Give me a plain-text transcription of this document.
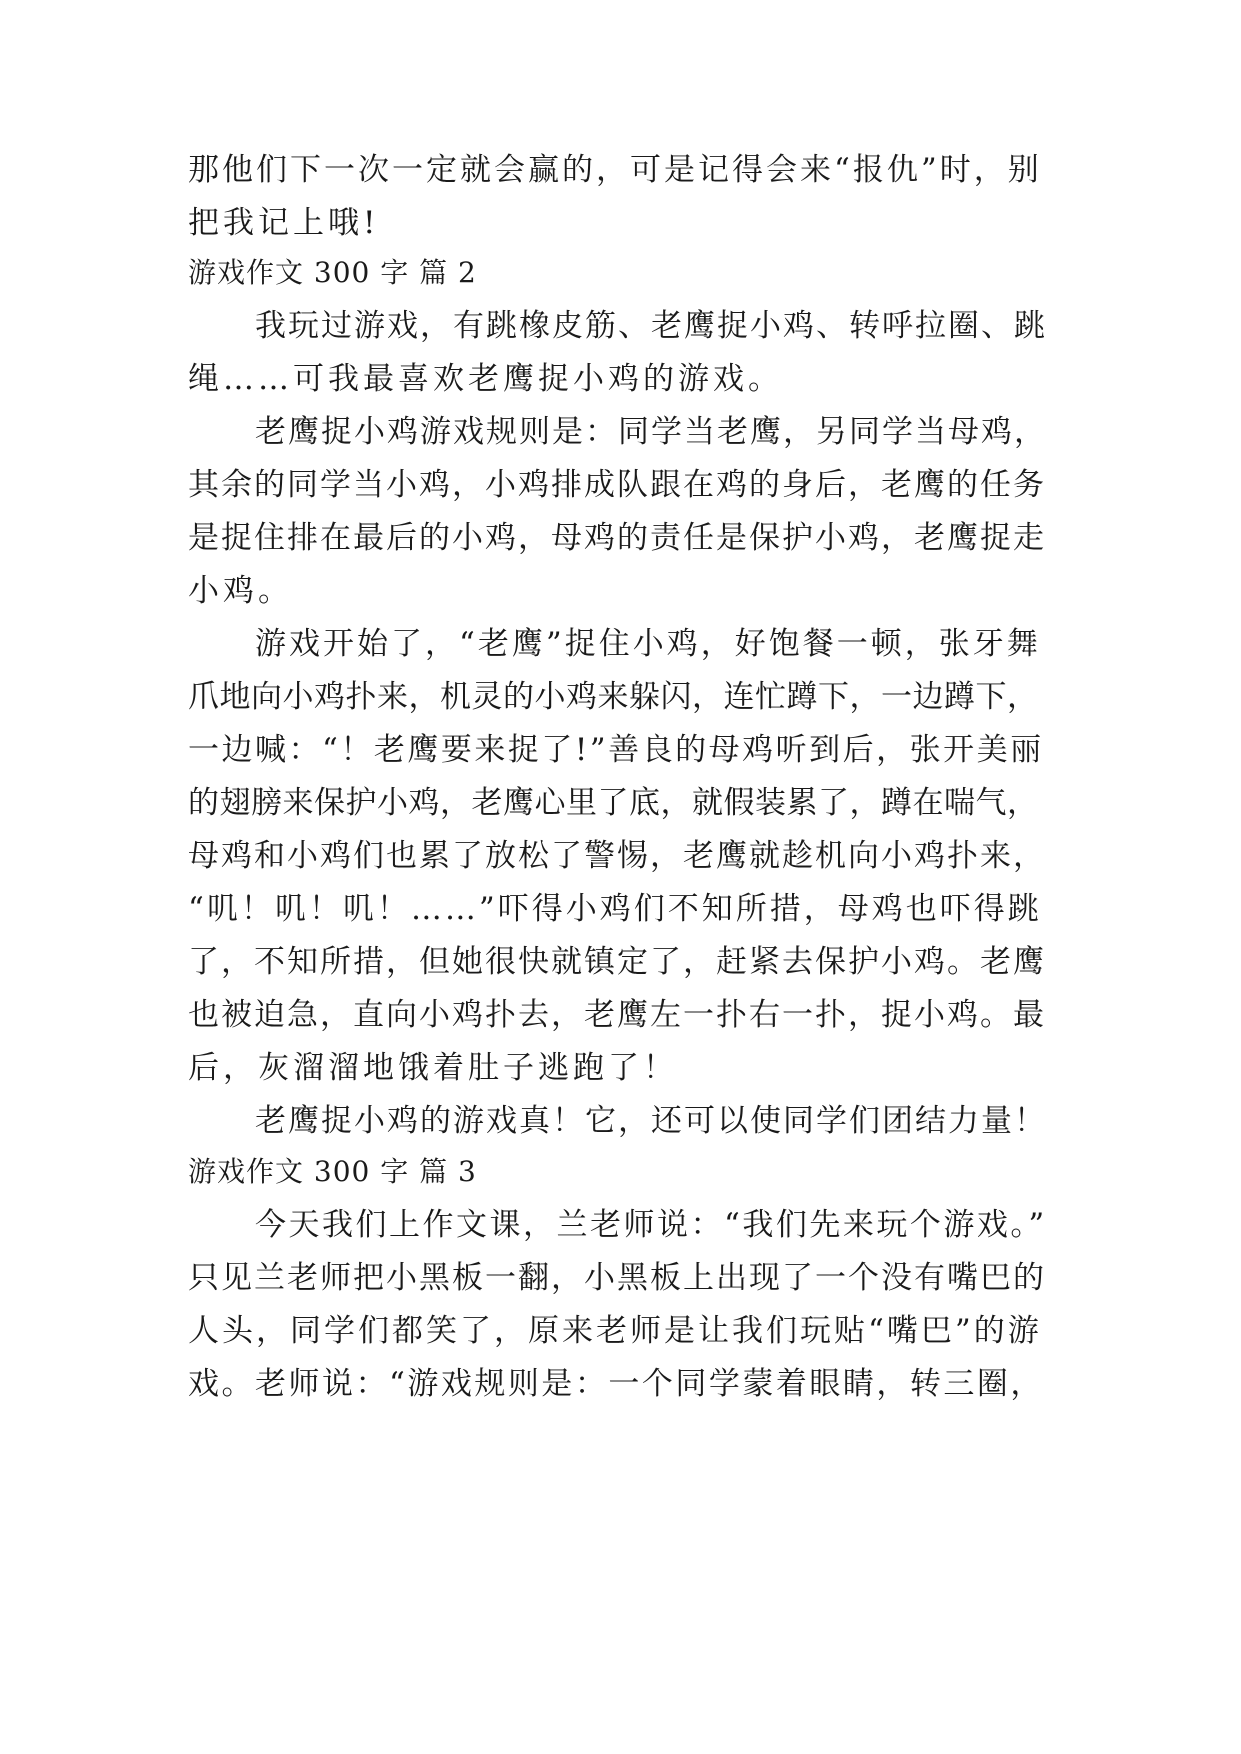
那他们下一次一定就会赢的，可是记得会来“报仇”时，别
把我记上哦!
游戏作文 300 字 篇 2
我玩过游戏，有跳橡皮筋、老鹰捉小鸡、转呼拉圈、跳
绳……可我最喜欢老鹰捉小鸡的游戏。
老鹰捉小鸡游戏规则是：同学当老鹰，另同学当母鸡，
其余的同学当小鸡，小鸡排成队跟在鸡的身后，老鹰的任务
是捉住排在最后的小鸡，母鸡的责任是保护小鸡，老鹰捉走
小鸡。
游戏开始了，“老鹰”捉住小鸡，好饱餐一顿，张牙舞
爪地向小鸡扑来，机灵的小鸡来躲闪，连忙蹲下，一边蹲下，
一边喊：“！老鹰要来捉了!”善良的母鸡听到后，张开美丽
的翅膀来保护小鸡，老鹰心里了底，就假装累了，蹲在喘气，
母鸡和小鸡们也累了放松了警惕，老鹰就趁机向小鸡扑来，
“叽！叽！叽！……”吓得小鸡们不知所措，母鸡也吓得跳
了，不知所措，但她很快就镇定了，赶紧去保护小鸡。老鹰
也被迫急，直向小鸡扑去，老鹰左一扑右一扑，捉小鸡。最
后，灰溜溜地饿着肚子逃跑了！
老鹰捉小鸡的游戏真！它，还可以使同学们团结力量！
游戏作文 300 字 篇 3
今天我们上作文课，兰老师说：“我们先来玩个游戏。”
只见兰老师把小黑板一翻，小黑板上出现了一个没有嘴巴的
人头，同学们都笑了，原来老师是让我们玩贴“嘴巴”的游
戏。老师说：“游戏规则是：一个同学蒙着眼睛，转三圈，
